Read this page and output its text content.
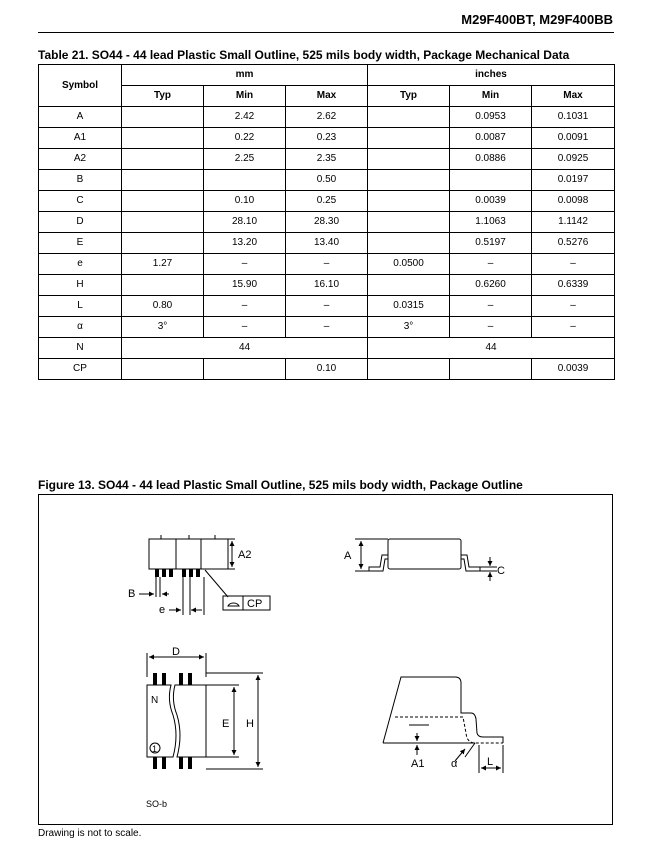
M29F400BT, M29F400BB
Table 21. SO44 - 44 lead Plastic Small Outline, 525 mils body width, Package Mechanical Data
Symbol	mm			inches		
	Typ	Min	Max	Typ	Min	Max
A		2.42	2.62		0.0953	0.1031
A1		0.22	0.23		0.0087	0.0091
A2		2.25	2.35		0.0886	0.0925
B			0.50			0.0197
C		0.10	0.25		0.0039	0.0098
D		28.10	28.30		1.1063	1.1142
E		13.20	13.40		0.5197	0.5276
e	1.27	–	–	0.0500	–	–
H		15.90	16.10		0.6260	0.6339
L	0.80	–	–	0.0315	–	–
α	3°	–	–	3°	–	–
N	44			44		
CP			0.10			0.0039
Figure 13. SO44 - 44 lead Plastic Small Outline, 525 mils body width, Package Outline
A2
B
e	CP
A
C
D
N
1
E H
SO-b
A1 α	L
Drawing is not to scale.
